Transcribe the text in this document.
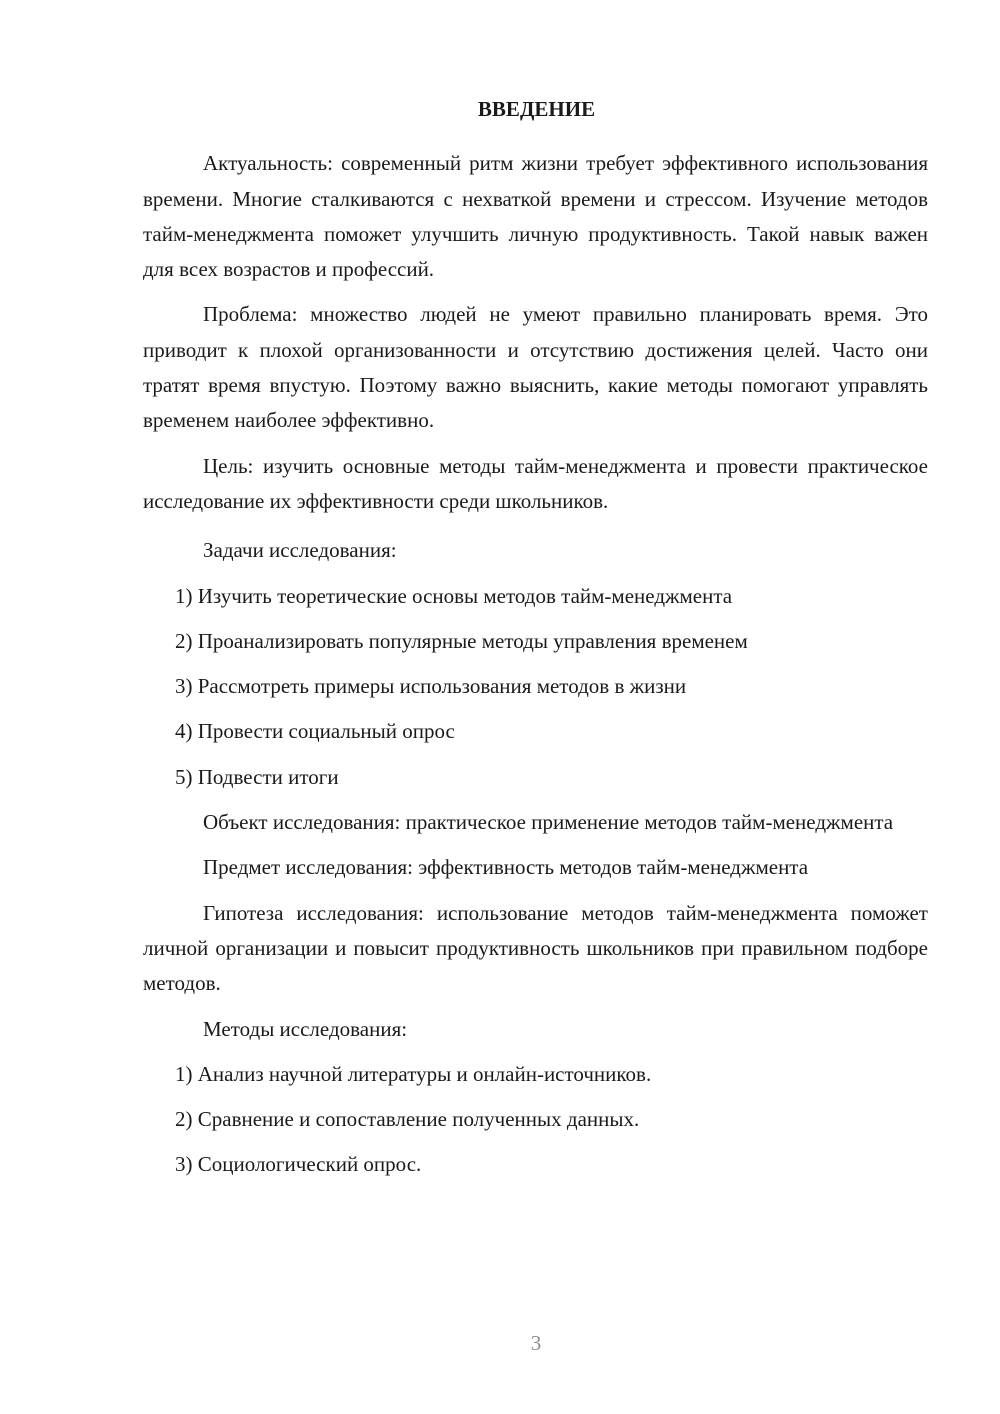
ВВЕДЕНИЕ

Актуальность: современный ритм жизни требует эффективного использования времени. Многие сталкиваются с нехваткой времени и стрессом. Изучение методов тайм-менеджмента поможет улучшить личную продуктивность. Такой навык важен для всех возрастов и профессий.

Проблема: множество людей не умеют правильно планировать время. Это приводит к плохой организованности и отсутствию достижения целей. Часто они тратят время впустую. Поэтому важно выяснить, какие методы помогают управлять временем наиболее эффективно.

Цель: изучить основные методы тайм-менеджмента и провести практическое исследование их эффективности среди школьников.

Задачи исследования:

1) Изучить теоретические основы методов тайм-менеджмента

2) Проанализировать популярные методы управления временем

3) Рассмотреть примеры использования методов в жизни

4) Провести социальный опрос

5) Подвести итоги

Объект исследования: практическое применение методов тайм-менеджмента

Предмет исследования: эффективность методов тайм-менеджмента

Гипотеза исследования: использование методов тайм-менеджмента поможет личной организации и повысит продуктивность школьников при правильном подборе методов.

Методы исследования:

1) Анализ научной литературы и онлайн-источников.

2) Сравнение и сопоставление полученных данных.

3) Социологический опрос.

3
